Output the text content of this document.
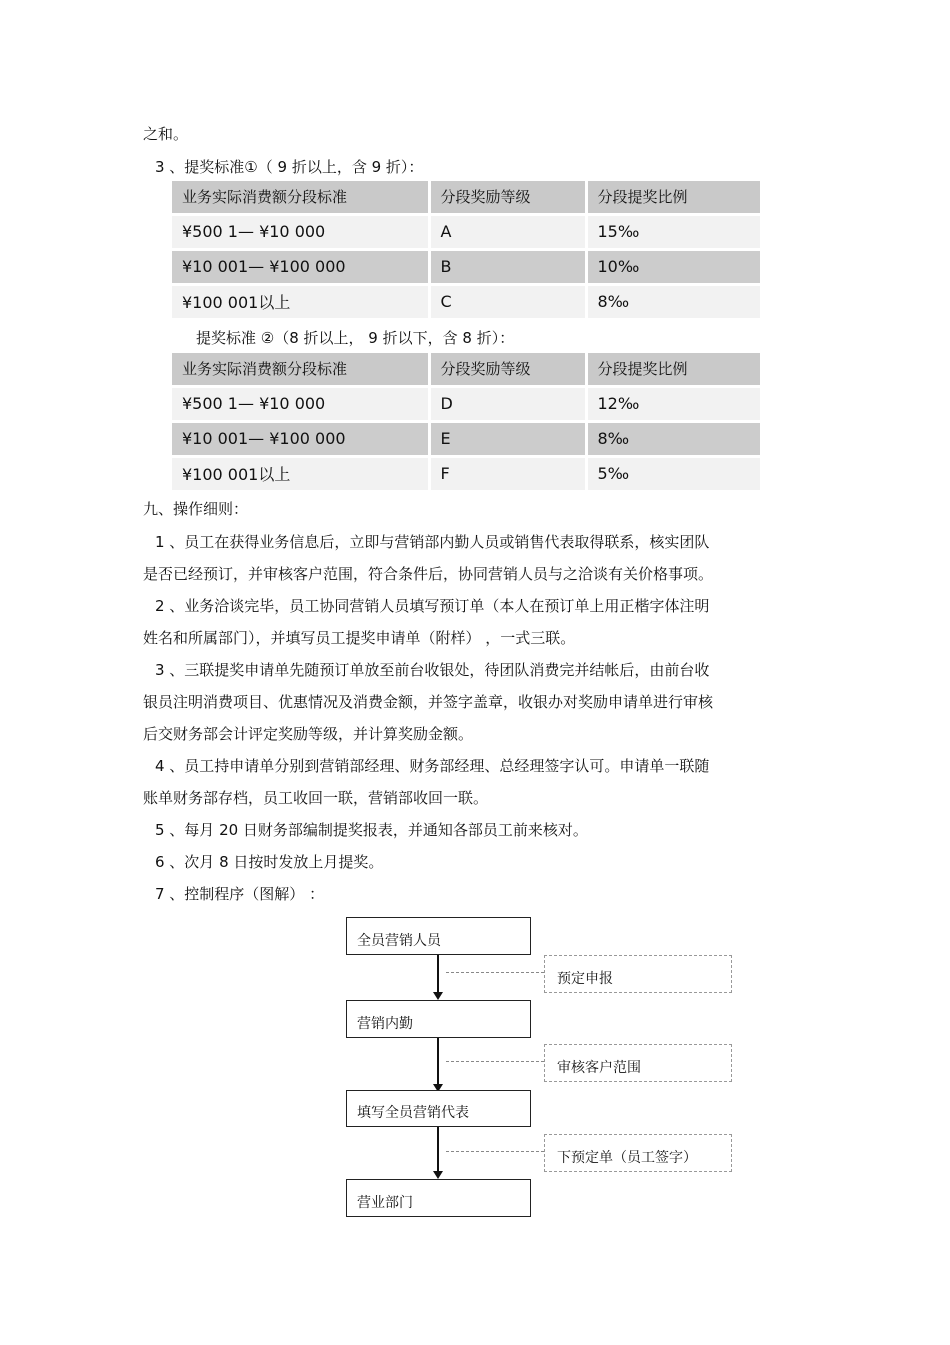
之和。
3 、提奖标准①（ 9 折以上，含 9 折）：
业务实际消费额分段标准	分段奖励等级	分段提奖比例
¥500 1— ¥10 000	A	15‰
¥10 001— ¥100 000	B	10‰
¥100 001以上	C	8‰
提奖标准 ②（8 折以上， 9 折以下，含 8 折）：
业务实际消费额分段标准	分段奖励等级	分段提奖比例
¥500 1— ¥10 000	D	12‰
¥10 001— ¥100 000	E	8‰
¥100 001以上	F	5‰
九、操作细则：
1 、员工在获得业务信息后，立即与营销部内勤人员或销售代表取得联系，核实团队
是否已经预订，并审核客户范围，符合条件后，协同营销人员与之洽谈有关价格事项。
2 、业务洽谈完毕，员工协同营销人员填写预订单（本人在预订单上用正楷字体注明
姓名和所属部门），并填写员工提奖申请单（附样） ，一式三联。
3 、三联提奖申请单先随预订单放至前台收银处，待团队消费完并结帐后，由前台收
银员注明消费项目、优惠情况及消费金额，并签字盖章，收银办对奖励申请单进行审核
后交财务部会计评定奖励等级，并计算奖励金额。
4 、员工持申请单分别到营销部经理、财务部经理、总经理签字认可。申请单一联随
账单财务部存档，员工收回一联，营销部收回一联。
5 、每月 20 日财务部编制提奖报表，并通知各部员工前来核对。
6 、次月 8 日按时发放上月提奖。
7 、控制程序（图解） ：
全员营销人员
营销内勤
填写全员营销代表
营业部门
预定申报
审核客户范围
下预定单（员工签字）
